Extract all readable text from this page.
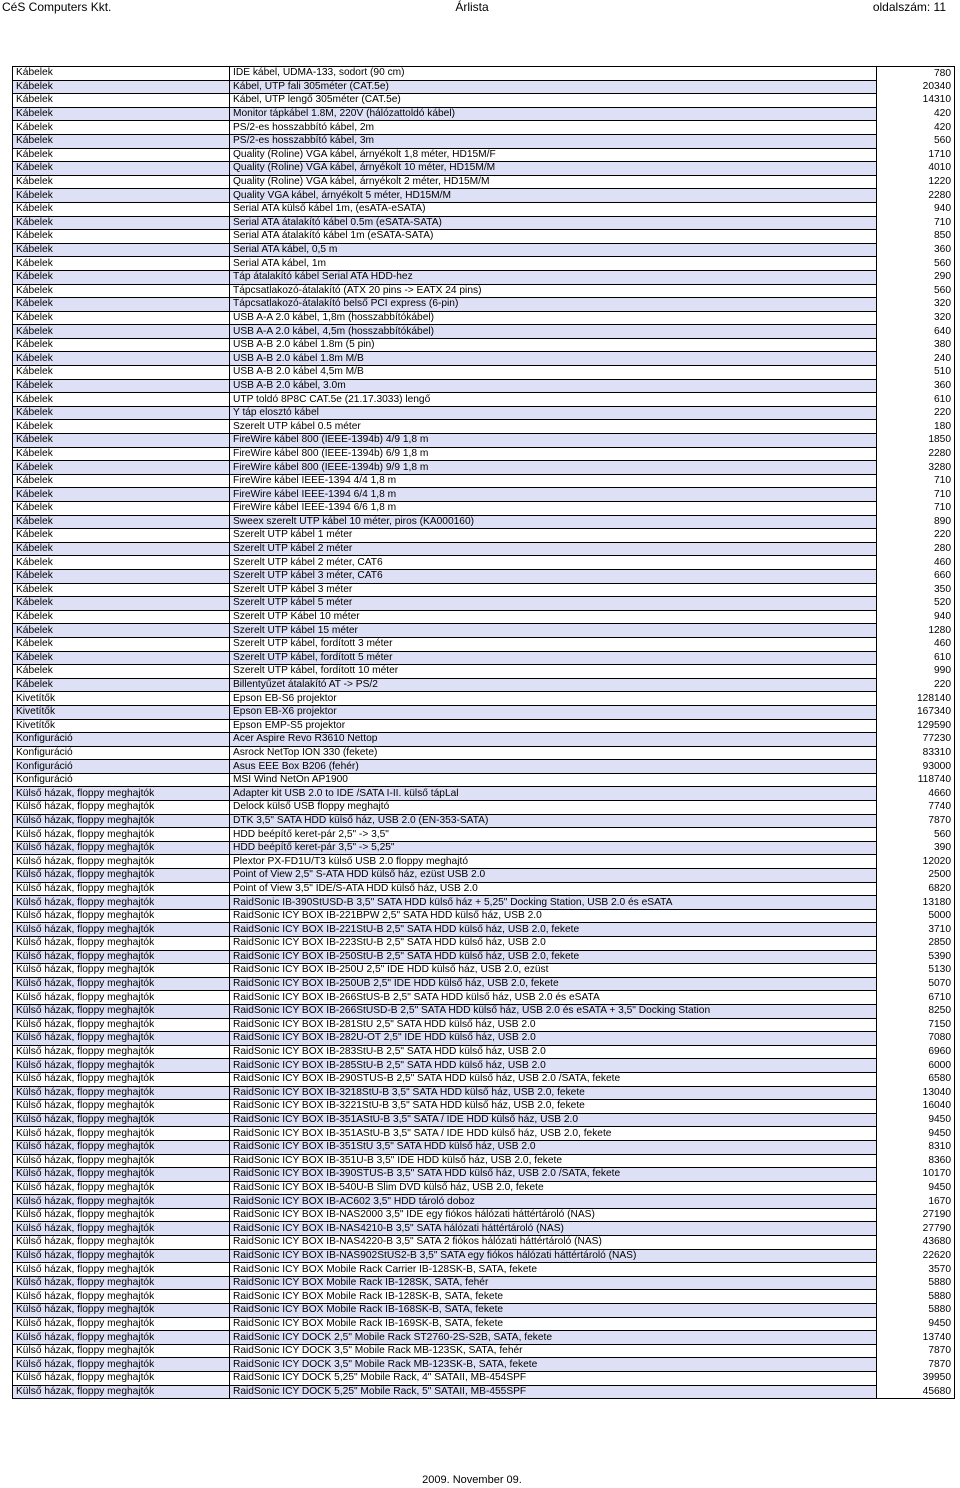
CéS Computers Kkt.	Árlista	oldalszám: 11
Kábelek	IDE kábel, UDMA-133, sodort (90 cm)	780
Kábelek	Kábel, UTP fali 305méter (CAT.5e)	20340
Kábelek	Kábel, UTP lengő 305méter (CAT.5e)	14310
Kábelek	Monitor tápkábel 1.8M, 220V (hálózattoldó kábel)	420
Kábelek	PS/2-es hosszabbító kábel, 2m	420
Kábelek	PS/2-es hosszabbító kábel, 3m	560
Kábelek	Quality (Roline) VGA kábel, árnyékolt 1,8 méter, HD15M/F	1710
Kábelek	Quality (Roline) VGA kábel, árnyékolt 10 méter, HD15M/M	4010
Kábelek	Quality (Roline) VGA kábel, árnyékolt 2 méter, HD15M/M	1220
Kábelek	Quality VGA kábel, árnyékolt 5 méter, HD15M/M	2280
Kábelek	Serial ATA külső kábel 1m, (esATA-eSATA)	940
Kábelek	Serial ATA átalakító kábel 0.5m (eSATA-SATA)	710
Kábelek	Serial ATA átalakító kábel 1m (eSATA-SATA)	850
Kábelek	Serial ATA kábel, 0,5 m	360
Kábelek	Serial ATA kábel, 1m	560
Kábelek	Táp átalakító kábel Serial ATA HDD-hez	290
Kábelek	Tápcsatlakozó-átalakító (ATX 20 pins -> EATX 24 pins)	560
Kábelek	Tápcsatlakozó-átalakító belső PCI express (6-pin)	320
Kábelek	USB A-A 2.0 kábel, 1,8m (hosszabbítókábel)	320
Kábelek	USB A-A 2.0 kábel, 4,5m (hosszabbítókábel)	640
Kábelek	USB A-B 2.0 kábel 1.8m (5 pin)	380
Kábelek	USB A-B 2.0 kábel 1.8m M/B	240
Kábelek	USB A-B 2.0 kábel 4,5m M/B	510
Kábelek	USB A-B 2.0 kábel, 3.0m	360
Kábelek	UTP toldó 8P8C CAT.5e (21.17.3033) lengő	610
Kábelek	Y táp elosztó kábel	220
Kábelek	Szerelt UTP kábel 0.5 méter	180
Kábelek	FireWire kábel 800 (IEEE-1394b) 4/9 1,8 m	1850
Kábelek	FireWire kábel 800 (IEEE-1394b) 6/9 1,8 m	2280
Kábelek	FireWire kábel 800 (IEEE-1394b) 9/9 1,8 m	3280
Kábelek	FireWire kábel IEEE-1394 4/4 1,8 m	710
Kábelek	FireWire kábel IEEE-1394 6/4 1,8 m	710
Kábelek	FireWire kábel IEEE-1394 6/6 1,8 m	710
Kábelek	Sweex szerelt UTP kábel 10 méter, piros (KA000160)	890
Kábelek	Szerelt UTP kábel 1 méter	220
Kábelek	Szerelt UTP kábel 2 méter	280
Kábelek	Szerelt UTP kábel 2 méter, CAT6	460
Kábelek	Szerelt UTP kábel 3 méter, CAT6	660
Kábelek	Szerelt UTP kábel 3 méter	350
Kábelek	Szerelt UTP kábel 5 méter	520
Kábelek	Szerelt UTP Kábel 10 méter	940
Kábelek	Szerelt UTP kábel 15 méter	1280
Kábelek	Szerelt UTP kábel, fordított 3 méter	460
Kábelek	Szerelt UTP kábel, fordított 5 méter	610
Kábelek	Szerelt UTP kábel, fordított 10 méter	990
Kábelek	Billentyűzet átalakító AT -> PS/2	220
Kivetítők	Epson EB-S6 projektor	128140
Kivetítők	Epson EB-X6 projektor	167340
Kivetítők	Epson EMP-S5 projektor	129590
Konfiguráció	Acer Aspire Revo R3610 Nettop	77230
Konfiguráció	Asrock NetTop ION 330 (fekete)	83310
Konfiguráció	Asus EEE Box B206 (fehér)	93000
Konfiguráció	MSI Wind NetOn AP1900	118740
Külső házak, floppy meghajtók	Adapter kit USB 2.0 to IDE /SATA I-II. külső tápLal	4660
Külső házak, floppy meghajtók	Delock külső USB floppy meghajtó	7740
Külső házak, floppy meghajtók	DTK 3,5" SATA HDD külső ház, USB 2.0 (EN-353-SATA)	7870
Külső házak, floppy meghajtók	HDD beépítő keret-pár 2,5" -> 3,5"	560
Külső házak, floppy meghajtók	HDD beépítő keret-pár 3,5" -> 5,25"	390
Külső házak, floppy meghajtók	Plextor PX-FD1U/T3 külső USB 2.0 floppy meghajtó	12020
Külső házak, floppy meghajtók	Point of View 2,5" S-ATA HDD külső ház, ezüst USB 2.0	2500
Külső házak, floppy meghajtók	Point of View 3,5" IDE/S-ATA HDD külső ház, USB 2.0	6820
Külső házak, floppy meghajtók	RaidSonic IB-390StUSD-B 3,5" SATA HDD külső ház + 5,25" Docking Station, USB 2.0 és eSATA	13180
Külső házak, floppy meghajtók	RaidSonic ICY BOX IB-221BPW 2,5" SATA HDD külső ház, USB 2.0	5000
Külső házak, floppy meghajtók	RaidSonic ICY BOX IB-221StU-B 2,5" SATA HDD külső ház, USB 2.0, fekete	3710
Külső házak, floppy meghajtók	RaidSonic ICY BOX IB-223StU-B 2,5" SATA HDD külső ház, USB 2.0	2850
Külső házak, floppy meghajtók	RaidSonic ICY BOX IB-250StU-B 2,5" SATA HDD külső ház, USB 2.0, fekete	5390
Külső házak, floppy meghajtók	RaidSonic ICY BOX IB-250U 2,5" IDE HDD külső ház, USB 2.0, ezüst	5130
Külső házak, floppy meghajtók	RaidSonic ICY BOX IB-250UB 2,5" IDE HDD külső ház, USB 2.0, fekete	5070
Külső házak, floppy meghajtók	RaidSonic ICY BOX IB-266StUS-B 2,5" SATA HDD külső ház, USB 2.0 és eSATA	6710
Külső házak, floppy meghajtók	RaidSonic ICY BOX IB-266StUSD-B 2,5" SATA HDD külső ház, USB 2.0 és eSATA + 3,5" Docking Station	8250
Külső házak, floppy meghajtók	RaidSonic ICY BOX IB-281StU 2,5" SATA HDD külső ház, USB 2.0	7150
Külső házak, floppy meghajtók	RaidSonic ICY BOX IB-282U-OT 2,5" IDE HDD külső ház, USB 2.0	7080
Külső házak, floppy meghajtók	RaidSonic ICY BOX IB-283StU-B 2,5" SATA HDD külső ház, USB 2.0	6960
Külső házak, floppy meghajtók	RaidSonic ICY BOX IB-285StU-B 2,5" SATA HDD külső ház, USB 2.0	6000
Külső házak, floppy meghajtók	RaidSonic ICY BOX IB-290STUS-B 2,5" SATA HDD külső ház, USB 2.0 /SATA, fekete	6580
Külső házak, floppy meghajtók	RaidSonic ICY BOX IB-3218StU-B 3,5" SATA HDD külső ház, USB 2.0, fekete	13040
Külső házak, floppy meghajtók	RaidSonic ICY BOX IB-3221StU-B 3,5" SATA HDD külső ház, USB 2.0, fekete	16040
Külső házak, floppy meghajtók	RaidSonic ICY BOX IB-351AStU-B 3,5" SATA / IDE HDD külső ház, USB 2.0	9450
Külső házak, floppy meghajtók	RaidSonic ICY BOX IB-351AStU-B 3,5" SATA / IDE HDD külső ház, USB 2.0, fekete	9450
Külső házak, floppy meghajtók	RaidSonic ICY BOX IB-351StU 3,5" SATA HDD külső ház, USB 2.0	8310
Külső házak, floppy meghajtók	RaidSonic ICY BOX IB-351U-B 3,5" IDE HDD külső ház, USB 2.0, fekete	8360
Külső házak, floppy meghajtók	RaidSonic ICY BOX IB-390STUS-B 3,5" SATA HDD külső ház, USB 2.0 /SATA, fekete	10170
Külső házak, floppy meghajtók	RaidSonic ICY BOX IB-540U-B Slim DVD külső ház, USB 2.0, fekete	9450
Külső házak, floppy meghajtók	RaidSonic ICY BOX IB-AC602 3,5" HDD tároló doboz	1670
Külső házak, floppy meghajtók	RaidSonic ICY BOX IB-NAS2000 3,5" IDE egy fiókos hálózati háttértároló (NAS)	27190
Külső házak, floppy meghajtók	RaidSonic ICY BOX IB-NAS4210-B 3,5" SATA hálózati háttértároló (NAS)	27790
Külső házak, floppy meghajtók	RaidSonic ICY BOX IB-NAS4220-B 3,5" SATA 2 fiókos hálózati háttértároló (NAS)	43680
Külső házak, floppy meghajtók	RaidSonic ICY BOX IB-NAS902StUS2-B 3,5" SATA egy fiókos hálózati háttértároló (NAS)	22620
Külső házak, floppy meghajtók	RaidSonic ICY BOX Mobile Rack Carrier IB-128SK-B, SATA, fekete	3570
Külső házak, floppy meghajtók	RaidSonic ICY BOX Mobile Rack IB-128SK, SATA, fehér	5880
Külső házak, floppy meghajtók	RaidSonic ICY BOX Mobile Rack IB-128SK-B, SATA, fekete	5880
Külső házak, floppy meghajtók	RaidSonic ICY BOX Mobile Rack IB-168SK-B, SATA, fekete	5880
Külső házak, floppy meghajtók	RaidSonic ICY BOX Mobile Rack IB-169SK-B, SATA, fekete	9450
Külső házak, floppy meghajtók	RaidSonic ICY DOCK 2,5" Mobile Rack ST2760-2S-S2B, SATA, fekete	13740
Külső házak, floppy meghajtók	RaidSonic ICY DOCK 3,5" Mobile Rack MB-123SK, SATA, fehér	7870
Külső házak, floppy meghajtók	RaidSonic ICY DOCK 3,5" Mobile Rack MB-123SK-B, SATA, fekete	7870
Külső házak, floppy meghajtók	RaidSonic ICY DOCK 5,25" Mobile Rack, 4" SATAII, MB-454SPF	39950
Külső házak, floppy meghajtók	RaidSonic ICY DOCK 5,25" Mobile Rack, 5" SATAII, MB-455SPF	45680
2009. November 09.
